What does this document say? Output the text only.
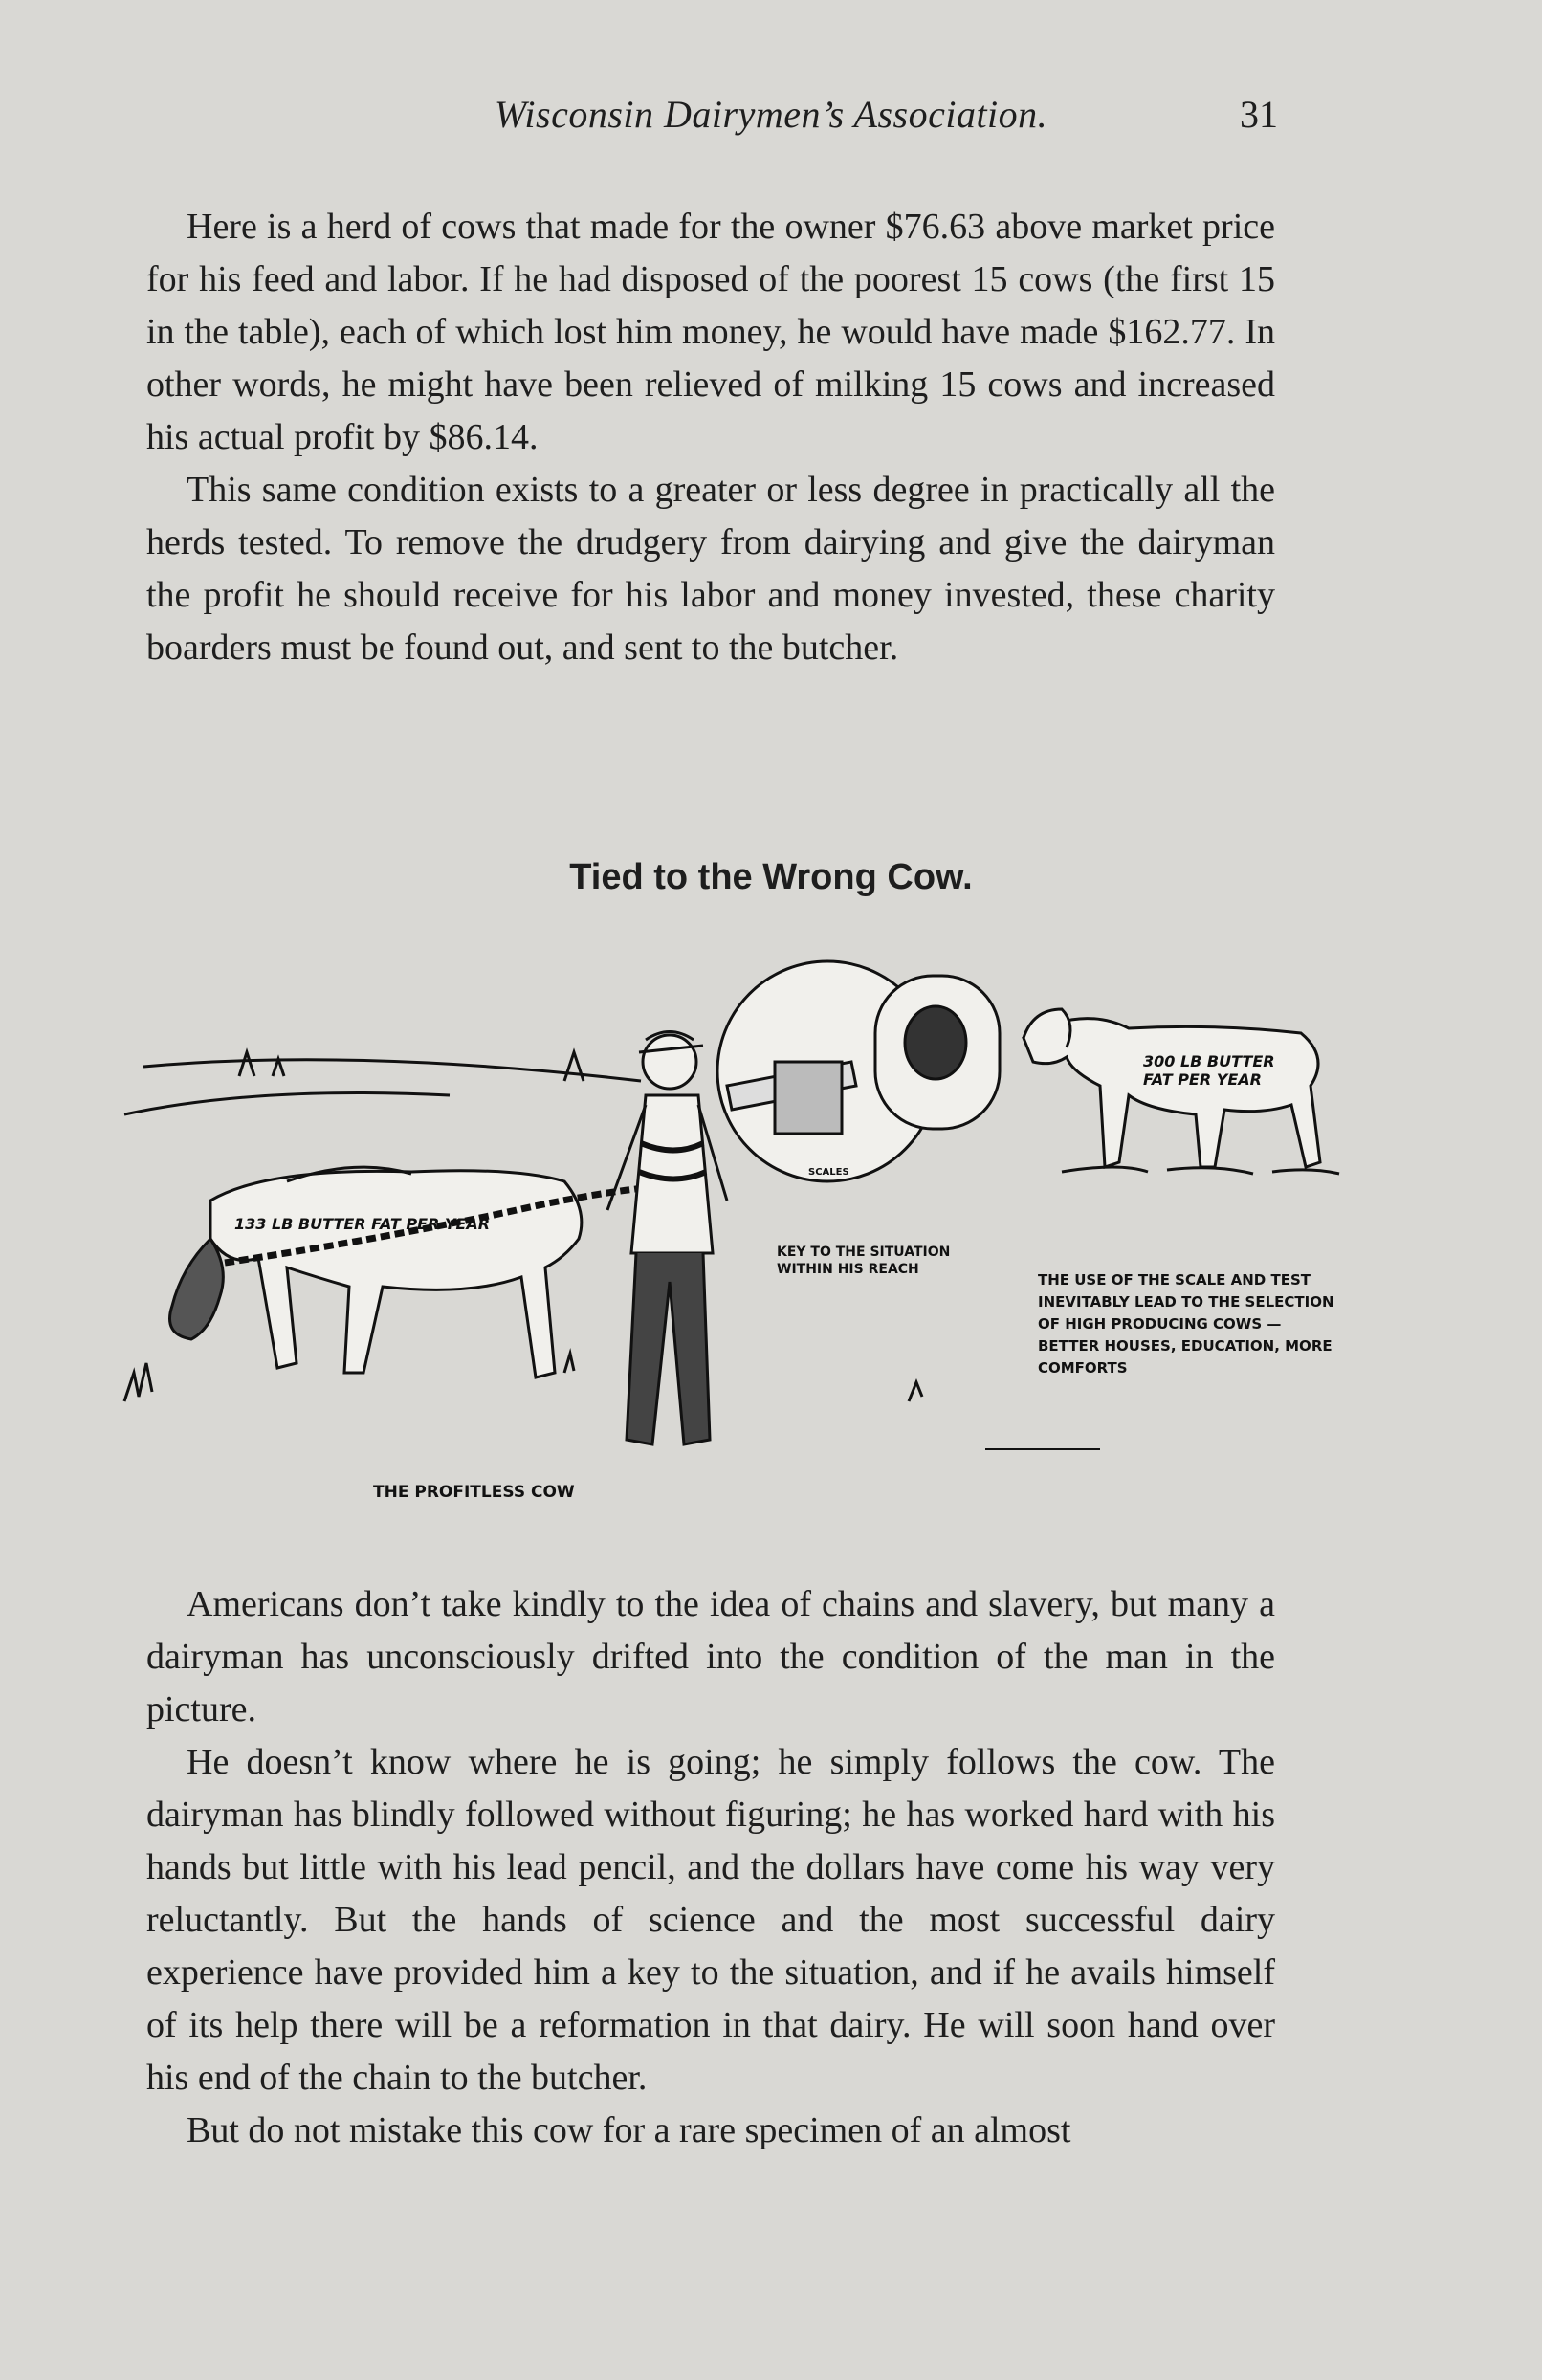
Wisconsin Dairymen’s Association.	31

Here is a herd of cows that made for the owner $76.63 above market price for his feed and labor. If he had disposed of the poorest 15 cows (the first 15 in the table), each of which lost him money, he would have made $162.77. In other words, he might have been relieved of milking 15 cows and increased his actual profit by $86.14.

This same condition exists to a greater or less degree in practically all the herds tested. To remove the drudgery from dairying and give the dairyman the profit he should receive for his labor and money invested, these charity boarders must be found out, and sent to the butcher.

Tied to the Wrong Cow.
133 LB BUTTER FAT PER YEAR
300 LB BUTTER FAT PER YEAR
SCALES
KEY TO THE SITUATION WITHIN HIS REACH
THE USE OF THE SCALE AND TEST INEVITABLY LEAD TO THE SELECTION OF HIGH PRODUCING COWS — BETTER HOUSES, EDUCATION, MORE COMFORTS
THE PROFITLESS COW

Americans don’t take kindly to the idea of chains and slavery, but many a dairyman has unconsciously drifted into the condition of the man in the picture.

He doesn’t know where he is going; he simply follows the cow. The dairyman has blindly followed without figuring; he has worked hard with his hands but little with his lead pencil, and the dollars have come his way very reluctantly. But the hands of science and the most successful dairy experience have provided him a key to the situation, and if he avails himself of its help there will be a reformation in that dairy. He will soon hand over his end of the chain to the butcher.

But do not mistake this cow for a rare specimen of an almost
